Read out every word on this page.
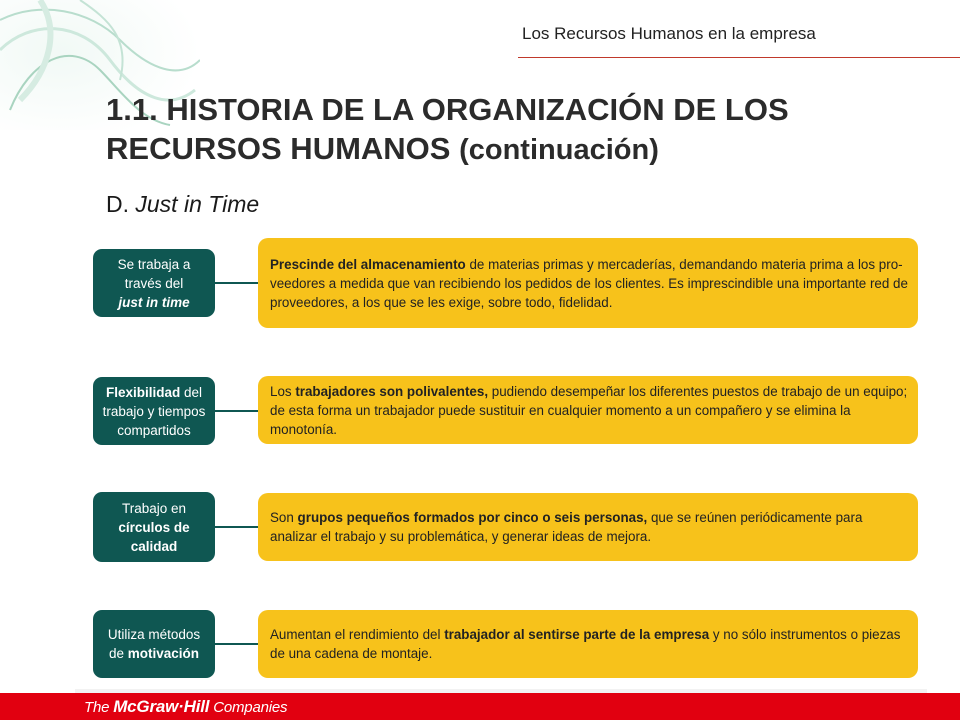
Los Recursos Humanos en la empresa
1.1. HISTORIA DE LA ORGANIZACIÓN DE LOS
RECURSOS HUMANOS (continuación)
D. Just in Time
Se trabaja a través del
just in time
Prescinde del almacenamiento de materias primas y mercaderías, demandando materia prima a los pro-veedores a medida que van recibiendo los pedidos de los clientes. Es imprescindible una importante red de proveedores, a los que se les exige, sobre todo, fidelidad.
Flexibilidad del trabajo y tiempos compartidos
Los trabajadores son polivalentes, pudiendo desempeñar los diferentes puestos de trabajo de un equipo; de esta forma un trabajador puede sustituir en cualquier momento a un compañero y se elimina la monotonía.
Trabajo en
círculos de calidad
Son grupos pequeños formados por cinco o seis personas, que se reúnen periódicamente para analizar el trabajo y su problemática, y generar ideas de mejora.
Utiliza métodos de motivación
Aumentan el rendimiento del trabajador al sentirse parte de la empresa y no sólo instrumentos o piezas de una cadena de montaje.
The McGraw·Hill Companies
